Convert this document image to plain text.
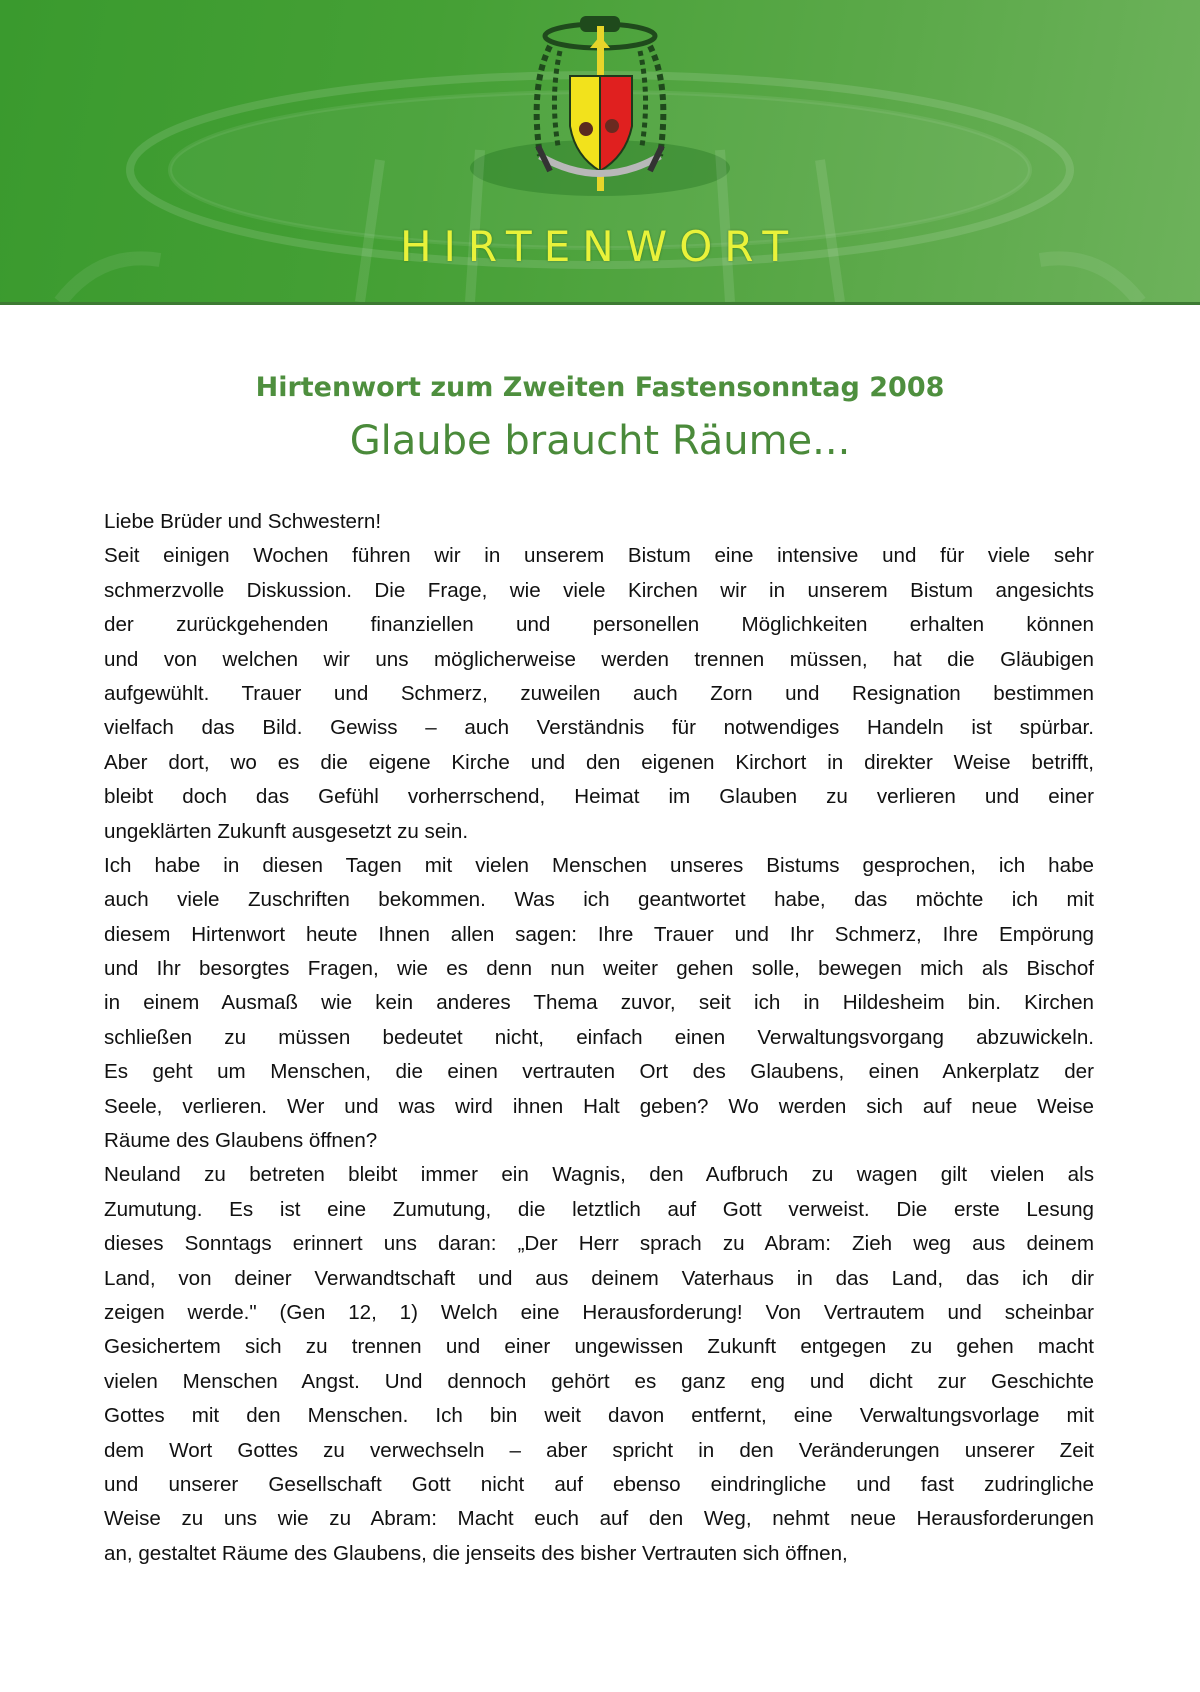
HIRTENWORT
Hirtenwort zum Zweiten Fastensonntag 2008
Glaube braucht Räume...
Liebe Brüder und Schwestern!
Seit einigen Wochen führen wir in unserem Bistum eine intensive und für viele sehr
schmerzvolle Diskussion. Die Frage, wie viele Kirchen wir in unserem Bistum angesichts
der zurückgehenden finanziellen und personellen Möglichkeiten erhalten können
und von welchen wir uns möglicherweise werden trennen müssen, hat die Gläubigen
aufgewühlt. Trauer und Schmerz, zuweilen auch Zorn und Resignation bestimmen
vielfach das Bild. Gewiss – auch Verständnis für notwendiges Handeln ist spürbar.
Aber dort, wo es die eigene Kirche und den eigenen Kirchort in direkter Weise betrifft,
bleibt doch das Gefühl vorherrschend, Heimat im Glauben zu verlieren und einer
ungeklärten Zukunft ausgesetzt zu sein.
Ich habe in diesen Tagen mit vielen Menschen unseres Bistums gesprochen, ich habe
auch viele Zuschriften bekommen. Was ich geantwortet habe, das möchte ich mit
diesem Hirtenwort heute Ihnen allen sagen: Ihre Trauer und Ihr Schmerz, Ihre Empörung
und Ihr besorgtes Fragen, wie es denn nun weiter gehen solle, bewegen mich als Bischof
in einem Ausmaß wie kein anderes Thema zuvor, seit ich in Hildesheim bin. Kirchen
schließen zu müssen bedeutet nicht, einfach einen Verwaltungsvorgang abzuwickeln.
Es geht um Menschen, die einen vertrauten Ort des Glaubens, einen Ankerplatz der
Seele, verlieren. Wer und was wird ihnen Halt geben? Wo werden sich auf neue Weise
Räume des Glaubens öffnen?
Neuland zu betreten bleibt immer ein Wagnis, den Aufbruch zu wagen gilt vielen als
Zumutung. Es ist eine Zumutung, die letztlich auf Gott verweist. Die erste Lesung
dieses Sonntags erinnert uns daran: „Der Herr sprach zu Abram: Zieh weg aus deinem
Land, von deiner Verwandtschaft und aus deinem Vaterhaus in das Land, das ich dir
zeigen werde." (Gen 12, 1) Welch eine Herausforderung! Von Vertrautem und scheinbar
Gesichertem sich zu trennen und einer ungewissen Zukunft entgegen zu gehen macht
vielen Menschen Angst. Und dennoch gehört es ganz eng und dicht zur Geschichte
Gottes mit den Menschen. Ich bin weit davon entfernt, eine Verwaltungsvorlage mit
dem Wort Gottes zu verwechseln – aber spricht in den Veränderungen unserer Zeit
und unserer Gesellschaft Gott nicht auf ebenso eindringliche und fast zudringliche
Weise zu uns wie zu Abram: Macht euch auf den Weg, nehmt neue Herausforderungen
an, gestaltet Räume des Glaubens, die jenseits des bisher Vertrauten sich öffnen,
